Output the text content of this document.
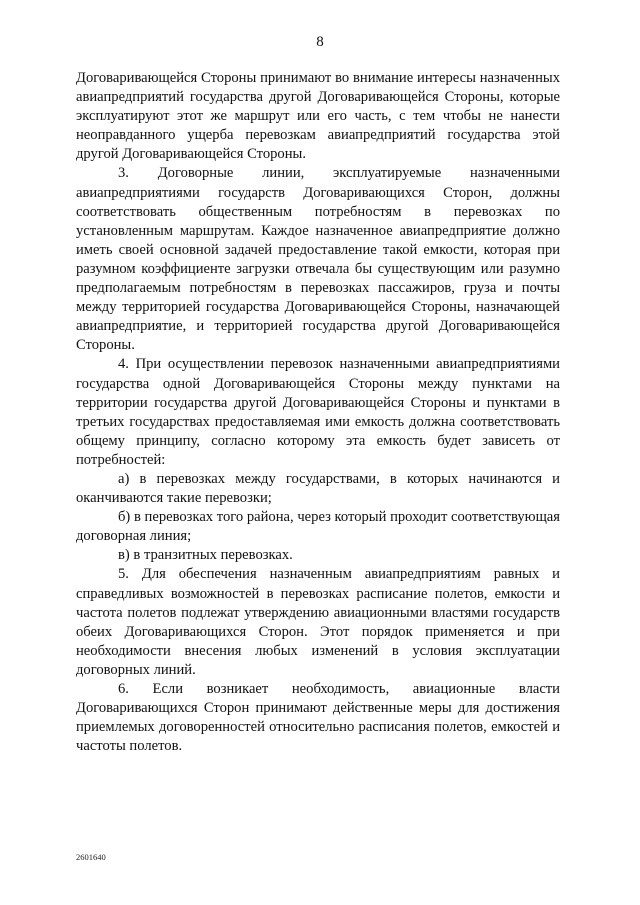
8

Договаривающейся Стороны принимают во внимание интересы назначенных авиапредприятий государства другой Договаривающейся Стороны, которые эксплуатируют этот же маршрут или его часть, с тем чтобы не нанести неоправданного ущерба перевозкам авиапредприятий государства этой другой Договаривающейся Стороны.

3. Договорные линии, эксплуатируемые назначенными авиапредприятиями государств Договаривающихся Сторон, должны соответствовать общественным потребностям в перевозках по установленным маршрутам. Каждое назначенное авиапредприятие должно иметь своей основной задачей предоставление такой емкости, которая при разумном коэффициенте загрузки отвечала бы существующим или разумно предполагаемым потребностям в перевозках пассажиров, груза и почты между территорией государства Договаривающейся Стороны, назначающей авиапредприятие, и территорией государства другой Договаривающейся Стороны.

4. При осуществлении перевозок назначенными авиапредприятиями государства одной Договаривающейся Стороны между пунктами на территории государства другой Договаривающейся Стороны и пунктами в третьих государствах предоставляемая ими емкость должна соответствовать общему принципу, согласно которому эта емкость будет зависеть от потребностей:

а) в перевозках между государствами, в которых начинаются и оканчиваются такие перевозки;

б) в перевозках того района, через который проходит соответствующая договорная линия;

в) в транзитных перевозках.

5. Для обеспечения назначенным авиапредприятиям равных и справедливых возможностей в перевозках расписание полетов, емкости и частота полетов подлежат утверждению авиационными властями государств обеих Договаривающихся Сторон. Этот порядок применяется и при необходимости внесения любых изменений в условия эксплуатации договорных линий.

6. Если возникает необходимость, авиационные власти Договаривающихся Сторон принимают действенные меры для достижения приемлемых договоренностей относительно расписания полетов, емкостей и частоты полетов.

2601640
